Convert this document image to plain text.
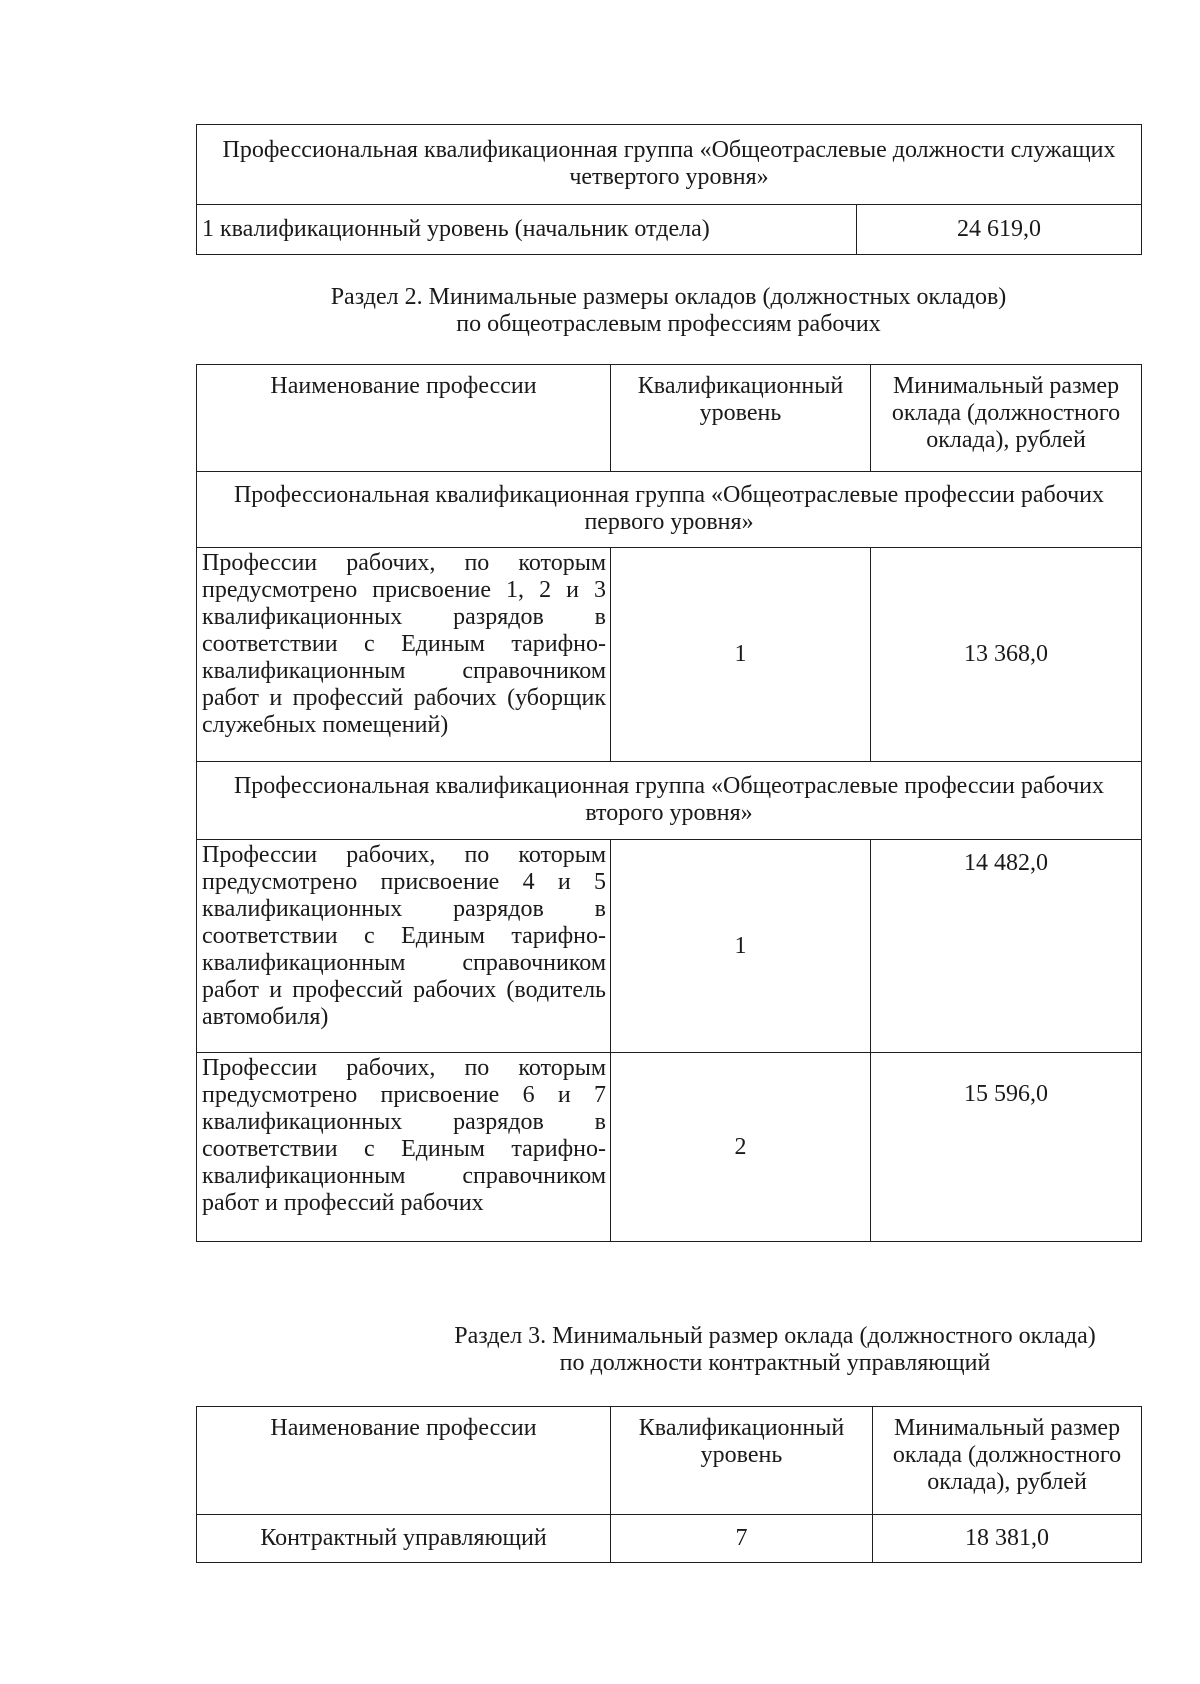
Профессиональная квалификационная группа «Общеотраслевые должности служащих четвертого уровня»
1 квалификационный уровень (начальник отдела)	24 619,0

Раздел 2. Минимальные размеры окладов (должностных окладов)
по общеотраслевым профессиям рабочих

Наименование профессии	Квалификационный уровень	Минимальный размер оклада (должностного оклада), рублей
Профессиональная квалификационная группа «Общеотраслевые профессии рабочих первого уровня»		
Профессии рабочих, по которым предусмотрено присвоение 1, 2 и 3 квалификационных разрядов в соответствии с Единым тарифно-квалификационным справочником работ и профессий рабочих (уборщик служебных помещений)	1	13 368,0
Профессиональная квалификационная группа «Общеотраслевые профессии рабочих второго уровня»		
Профессии рабочих, по которым предусмотрено присвоение 4 и 5 квалификационных разрядов в соответствии с Единым тарифно-квалификационным справочником работ и профессий рабочих (водитель автомобиля)	1	14 482,0
Профессии рабочих, по которым предусмотрено присвоение 6 и 7 квалификационных разрядов в соответствии с Единым тарифно-квалификационным справочником работ и профессий рабочих	2	15 596,0

Раздел 3. Минимальный размер оклада (должностного оклада)
по должности контрактный управляющий

Наименование профессии	Квалификационный уровень	Минимальный размер оклада (должностного оклада), рублей
Контрактный управляющий	7	18 381,0
